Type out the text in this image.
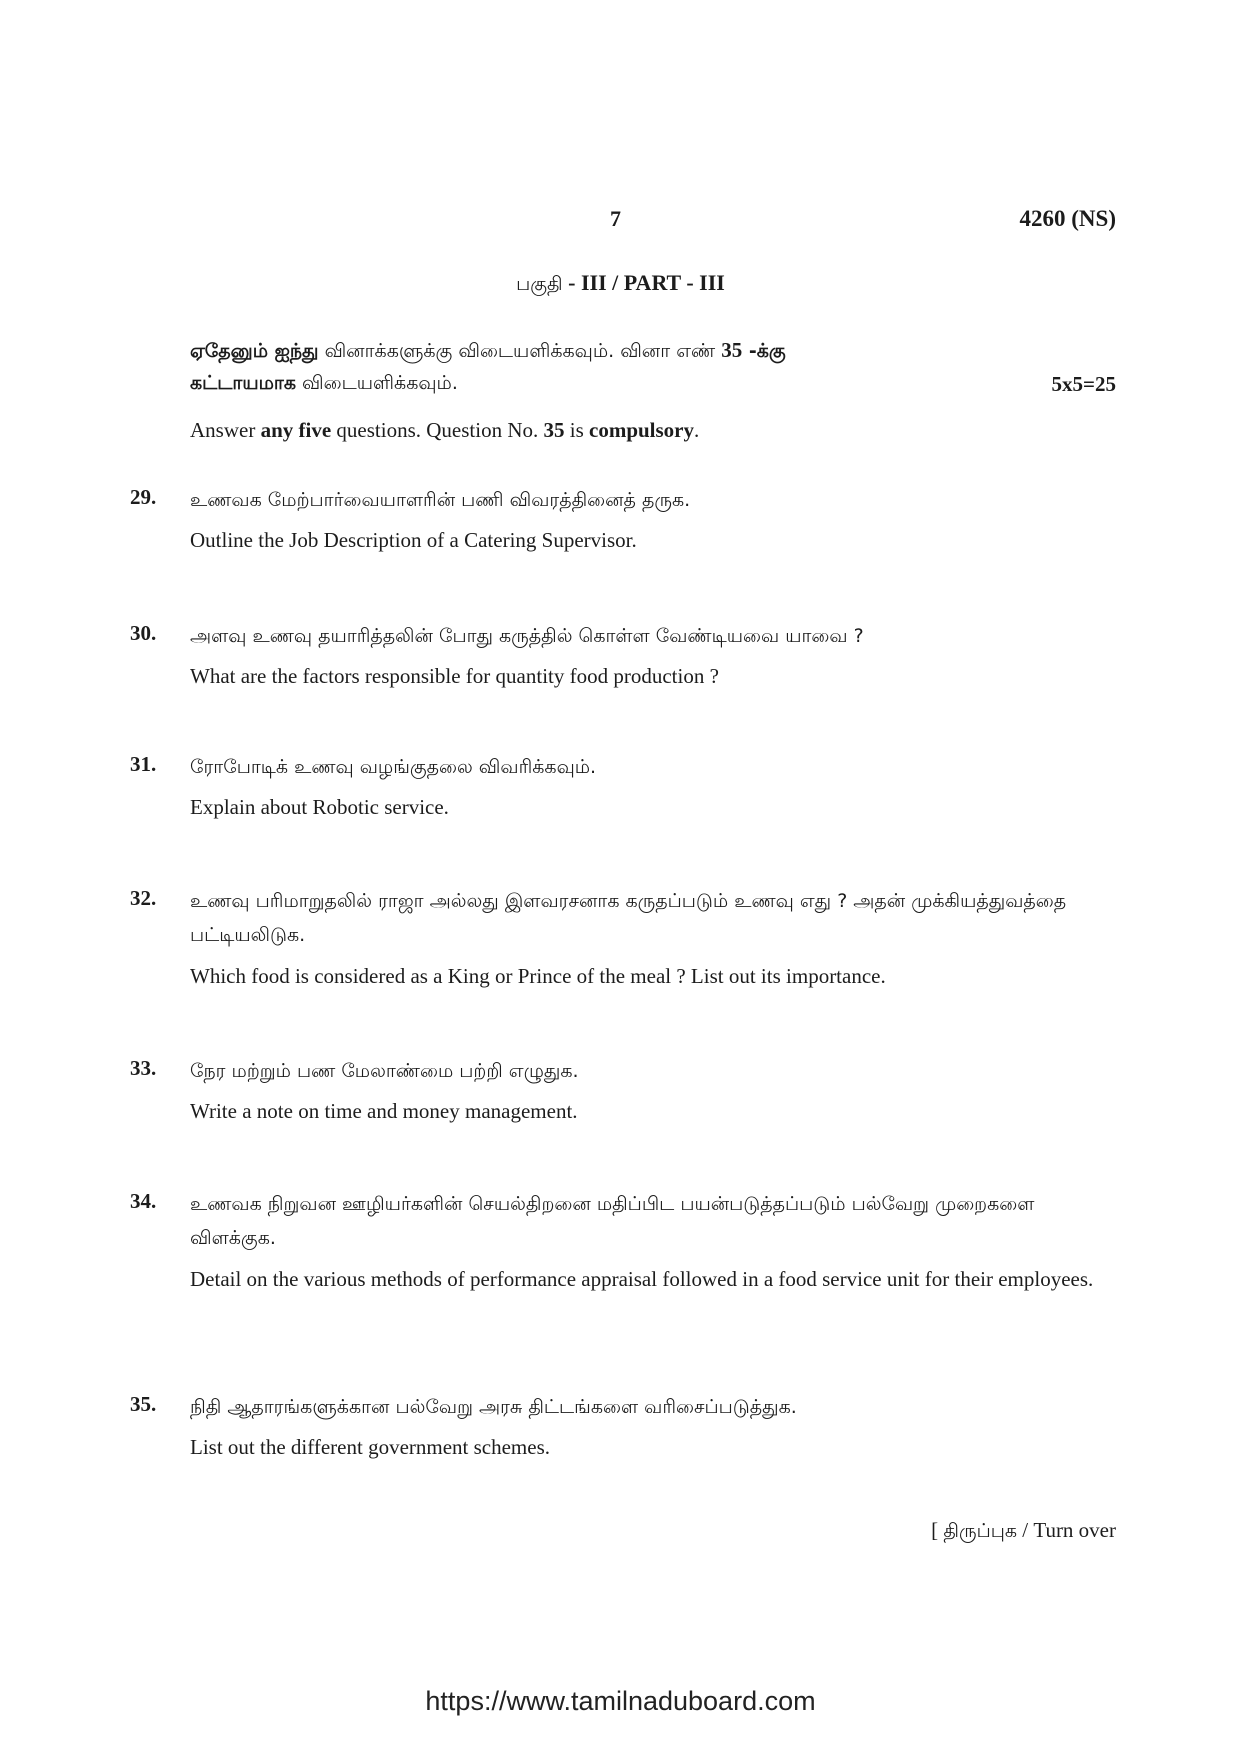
7	4260 (NS)
பகுதி - III / PART - III
ஏதேனும் ஐந்து வினாக்களுக்கு விடையளிக்கவும். வினா எண் 35 -க்கு
கட்டாயமாக விடையளிக்கவும்.	5x5=25
Answer any five questions. Question No. 35 is compulsory.
29. உணவக மேற்பார்வையாளரின் பணி விவரத்தினைத் தருக.
Outline the Job Description of a Catering Supervisor.
30. அளவு உணவு தயாரித்தலின் போது கருத்தில் கொள்ள வேண்டியவை யாவை ?
What are the factors responsible for quantity food production ?
31. ரோபோடிக் உணவு வழங்குதலை விவரிக்கவும்.
Explain about Robotic service.
32. உணவு பரிமாறுதலில் ராஜா அல்லது இளவரசனாக கருதப்படும் உணவு எது ? அதன் முக்கியத்துவத்தை பட்டியலிடுக.
Which food is considered as a King or Prince of the meal ? List out its importance.
33. நேர மற்றும் பண மேலாண்மை பற்றி எழுதுக.
Write a note on time and money management.
34. உணவக நிறுவன ஊழியர்களின் செயல்திறனை மதிப்பிட பயன்படுத்தப்படும் பல்வேறு முறைகளை விளக்குக.
Detail on the various methods of performance appraisal followed in a food service unit for their employees.
35. நிதி ஆதாரங்களுக்கான பல்வேறு அரசு திட்டங்களை வரிசைப்படுத்துக.
List out the different government schemes.
[ திருப்புக / Turn over
https://www.tamilnaduboard.com
